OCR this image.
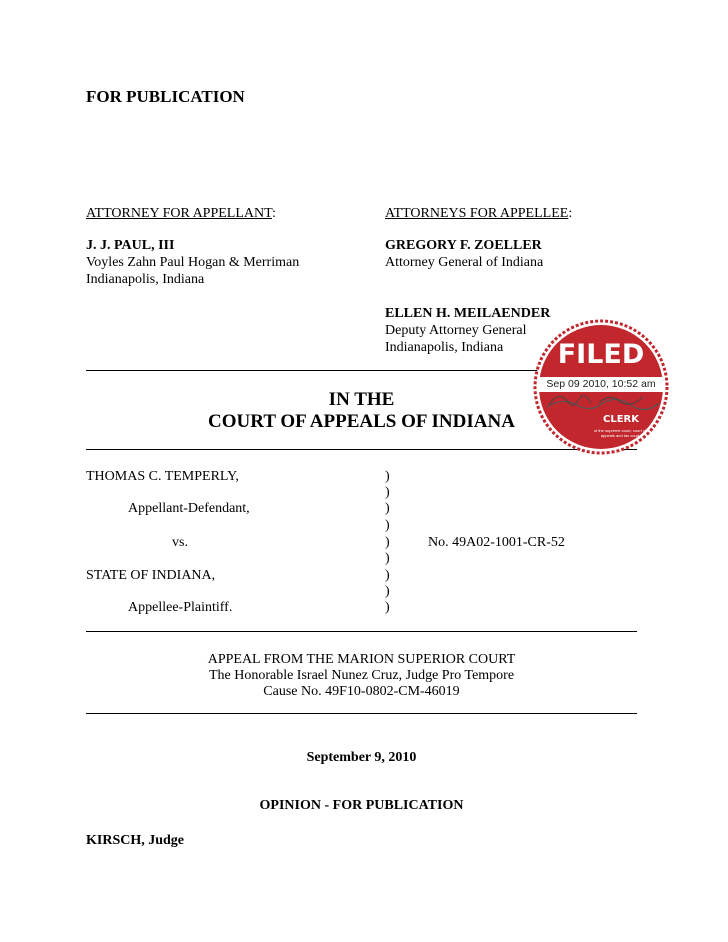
FOR PUBLICATION
ATTORNEY FOR APPELLANT:
J. J. PAUL, III
Voyles Zahn Paul Hogan & Merriman
Indianapolis, Indiana
ATTORNEYS FOR APPELLEE:
GREGORY F. ZOELLER
Attorney General of Indiana
ELLEN H. MEILAENDER
Deputy Attorney General
Indianapolis, Indiana
IN THE
COURT OF APPEALS OF INDIANA
FILED
Sep 09 2010, 10:52 am
CLERK
of the supreme court, court of appeals and tax court
THOMAS C. TEMPERLY,
Appellant-Defendant,
vs.
STATE OF INDIANA,
Appellee-Plaintiff.
)
)
)
)
)
)
)
)
)
No. 49A02-1001-CR-52
APPEAL FROM THE MARION SUPERIOR COURT
The Honorable Israel Nunez Cruz, Judge Pro Tempore
Cause No. 49F10-0802-CM-46019
September 9, 2010
OPINION - FOR PUBLICATION
KIRSCH, Judge
